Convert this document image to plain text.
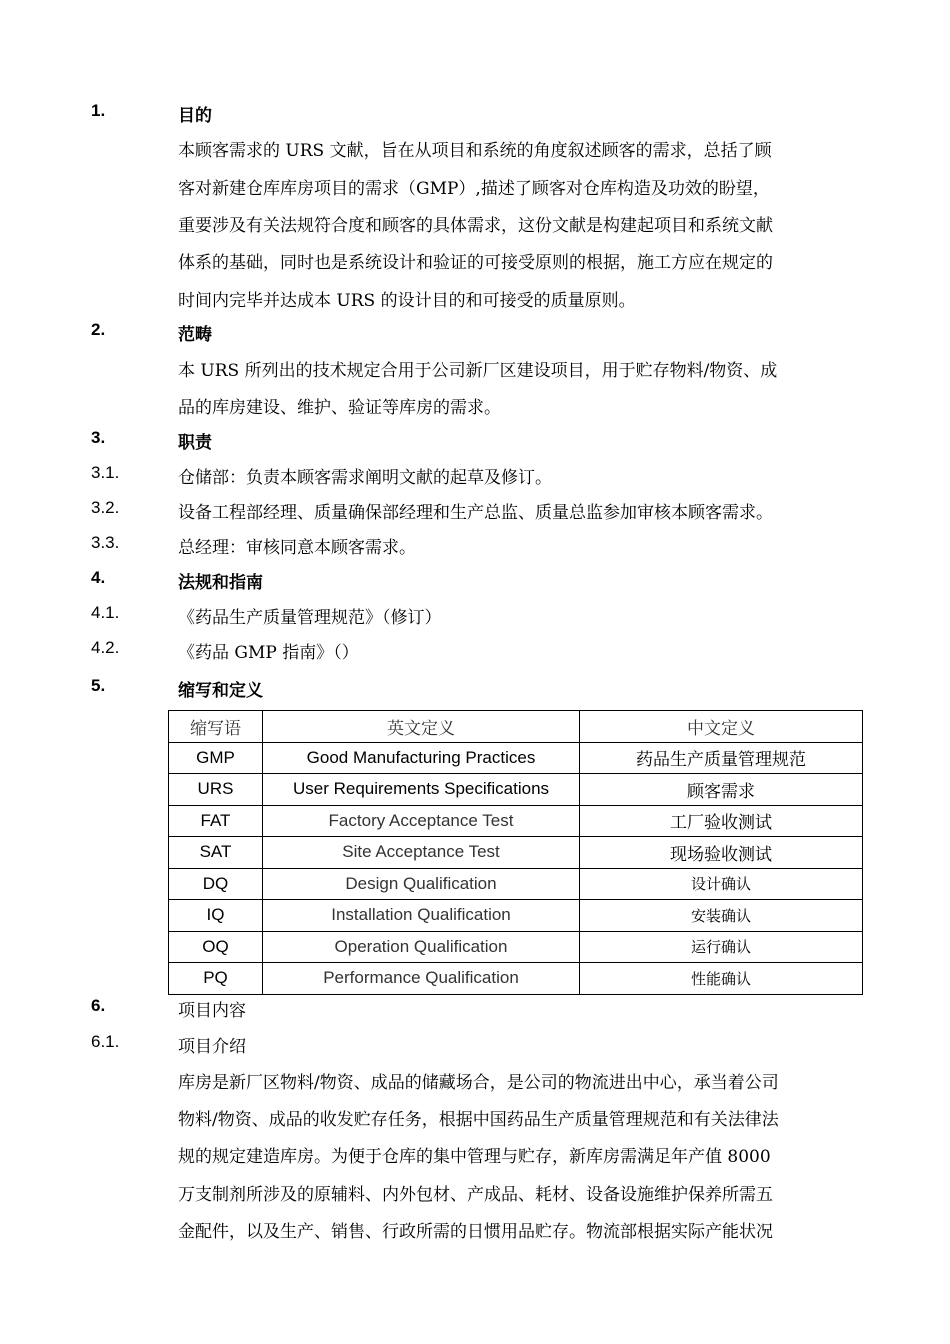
1.	目的
本顾客需求的 URS 文献，旨在从项目和系统的角度叙述顾客的需求，总括了顾
客对新建仓库库房项目的需求（GMP）,描述了顾客对仓库构造及功效的盼望，
重要涉及有关法规符合度和顾客的具体需求，这份文献是构建起项目和系统文献
体系的基础，同时也是系统设计和验证的可接受原则的根据，施工方应在规定的
时间内完毕并达成本 URS 的设计目的和可接受的质量原则。
2.	范畴
本 URS 所列出的技术规定合用于公司新厂区建设项目，用于贮存物料/物资、成
品的库房建设、维护、验证等库房的需求。
3.	职责
3.1.	仓储部：负责本顾客需求阐明文献的起草及修订。
3.2.	设备工程部经理、质量确保部经理和生产总监、质量总监参加审核本顾客需求。
3.3.	总经理：审核同意本顾客需求。
4.	法规和指南
4.1.	《药品生产质量管理规范》（修订）
4.2.	《药品 GMP 指南》（）
5.	缩写和定义
缩写语	英文定义	中文定义
GMP	Good Manufacturing Practices	药品生产质量管理规范
URS	User Requirements Specifications	顾客需求
FAT	Factory Acceptance Test	工厂验收测试
SAT	Site Acceptance Test	现场验收测试
DQ	Design Qualification	设计确认
IQ	Installation Qualification	安装确认
OQ	Operation Qualification	运行确认
PQ	Performance Qualification	性能确认
6.	项目内容
6.1.	项目介绍
库房是新厂区物料/物资、成品的储藏场合，是公司的物流进出中心，承当着公司
物料/物资、成品的收发贮存任务，根据中国药品生产质量管理规范和有关法律法
规的规定建造库房。为便于仓库的集中管理与贮存，新库房需满足年产值 8000
万支制剂所涉及的原辅料、内外包材、产成品、耗材、设备设施维护保养所需五
金配件，以及生产、销售、行政所需的日惯用品贮存。物流部根据实际产能状况
